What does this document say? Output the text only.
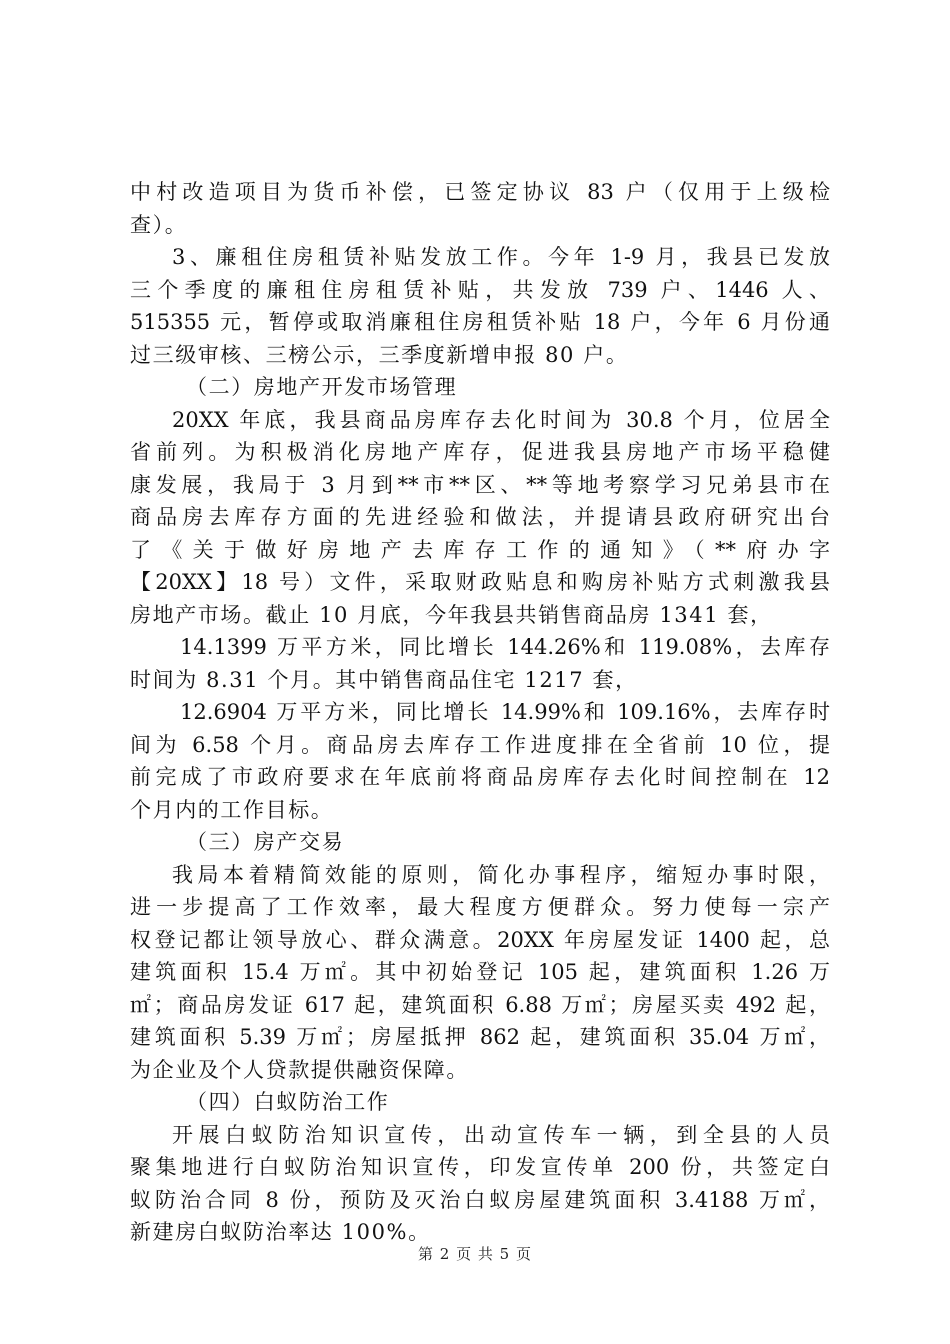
中村改造项目为货币补偿，已签定协议 83 户（仅用于上级检
查）。
3、廉租住房租赁补贴发放工作。今年 1-9 月，我县已发放
三个季度的廉租住房租赁补贴，共发放 739 户、1446 人、
515355 元，暂停或取消廉租住房租赁补贴 18 户，今年 6 月份通
过三级审核、三榜公示，三季度新增申报 80 户。
（二）房地产开发市场管理
20XX 年底，我县商品房库存去化时间为 30.8 个月，位居全
省前列。为积极消化房地产库存，促进我县房地产市场平稳健
康发展，我局于 3 月到**市**区、**等地考察学习兄弟县市在
商品房去库存方面的先进经验和做法，并提请县政府研究出台
了《关于做好房地产去库存工作的通知》（**府办字
【20XX】18 号）文件，采取财政贴息和购房补贴方式刺激我县
房地产市场。截止 10 月底，今年我县共销售商品房 1341 套，
14.1399 万平方米，同比增长 144.26%和 119.08%，去库存
时间为 8.31 个月。其中销售商品住宅 1217 套，
12.6904 万平方米，同比增长 14.99%和 109.16%，去库存时
间为 6.58 个月。商品房去库存工作进度排在全省前 10 位，提
前完成了市政府要求在年底前将商品房库存去化时间控制在 12
个月内的工作目标。
（三）房产交易
我局本着精简效能的原则，简化办事程序，缩短办事时限，
进一步提高了工作效率，最大程度方便群众。努力使每一宗产
权登记都让领导放心、群众满意。20XX 年房屋发证 1400 起，总
建筑面积 15.4 万㎡。其中初始登记 105 起，建筑面积 1.26 万
㎡；商品房发证 617 起，建筑面积 6.88 万㎡；房屋买卖 492 起，
建筑面积 5.39 万㎡；房屋抵押 862 起，建筑面积 35.04 万㎡，
为企业及个人贷款提供融资保障。
（四）白蚁防治工作
开展白蚁防治知识宣传，出动宣传车一辆，到全县的人员
聚集地进行白蚁防治知识宣传，印发宣传单 200 份，共签定白
蚁防治合同 8 份，预防及灭治白蚁房屋建筑面积 3.4188 万㎡，
新建房白蚁防治率达 100%。
第 2 页 共 5 页
